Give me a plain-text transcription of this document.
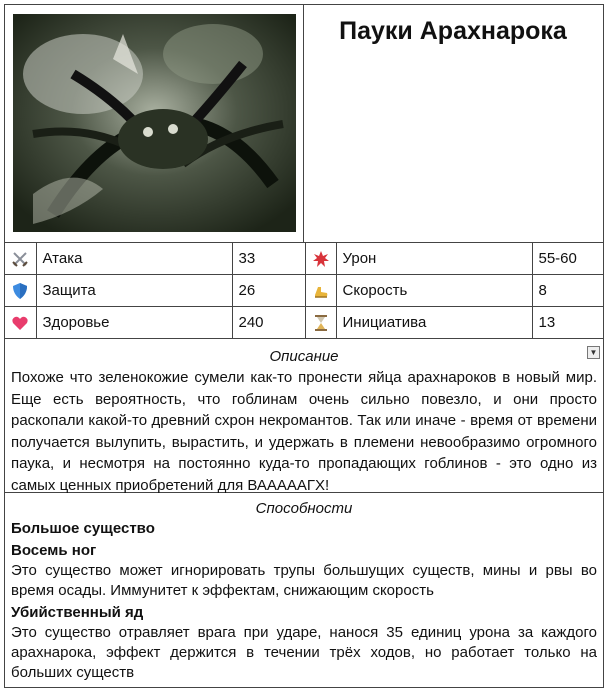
Пауки Арахнарока
	Атака	33		Урон	55-60
	Защита	26		Скорость	8
	Здоровье	240		Инициатива	13
Описание	▼

Похоже что зеленокожие сумели как-то пронести яйца арахнароков в новый мир. Еще есть вероятность, что гоблинам очень сильно повезло, и они просто раскопали какой-то древний схрон некромантов. Так или иначе - время от времени получается вылупить, вырастить, и удержать в племени невообразимо огромного паука, и несмотря на постоянно куда-то пропадающих гоблинов - это одно из самых ценных приобретений для ВАААААГХ!

Способности
Большое существо
Восемь ног
Это существо может игнорировать трупы большущих существ, мины и рвы во время осады. Иммунитет к эффектам, снижающим скорость
Убийственный яд
Это существо отравляет врага при ударе, нанося 35 единиц урона за каждого арахнарока, эффект держится в течении трёх ходов, но работает только на больших существ
